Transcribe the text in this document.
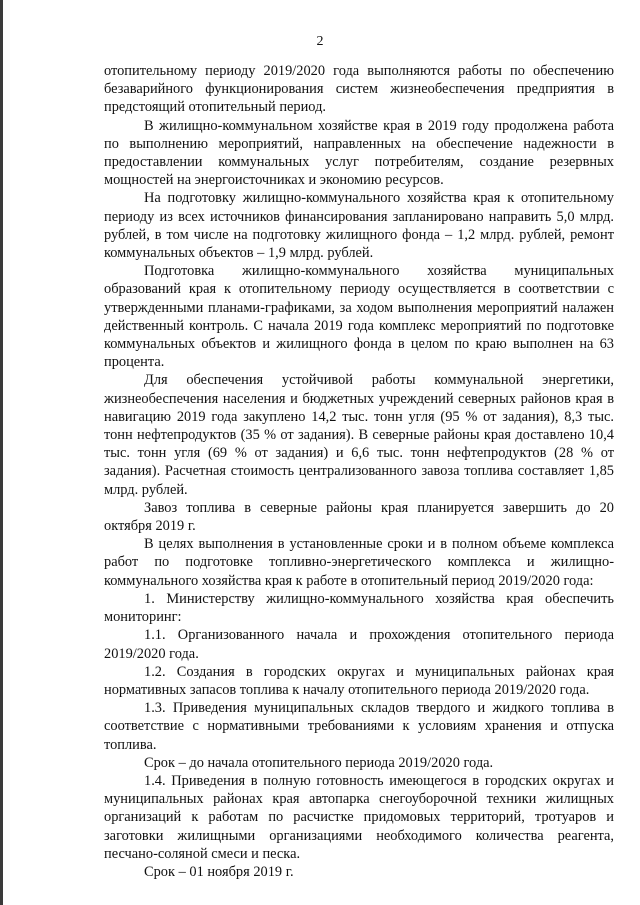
2

отопительному периоду 2019/2020 года выполняются работы по обеспечению безаварийного функционирования систем жизнеобеспечения предприятия в предстоящий отопительный период.

В жилищно-коммунальном хозяйстве края в 2019 году продолжена работа по выполнению мероприятий, направленных на обеспечение надежности в предоставлении коммунальных услуг потребителям, создание резервных мощностей на энергоисточниках и экономию ресурсов.

На подготовку жилищно-коммунального хозяйства края к отопительному периоду из всех источников финансирования запланировано направить 5,0 млрд. рублей, в том числе на подготовку жилищного фонда – 1,2 млрд. рублей, ремонт коммунальных объектов – 1,9 млрд. рублей.

Подготовка жилищно-коммунального хозяйства муниципальных образований края к отопительному периоду осуществляется в соответствии с утвержденными планами-графиками, за ходом выполнения мероприятий налажен действенный контроль. С начала 2019 года комплекс мероприятий по подготовке коммунальных объектов и жилищного фонда в целом по краю выполнен на 63 процента.

Для обеспечения устойчивой работы коммунальной энергетики, жизнеобеспечения населения и бюджетных учреждений северных районов края в навигацию 2019 года закуплено 14,2 тыс. тонн угля (95 % от задания), 8,3 тыс. тонн нефтепродуктов (35 % от задания). В северные районы края доставлено 10,4 тыс. тонн угля (69 % от задания) и 6,6 тыс. тонн нефтепродуктов (28 % от задания). Расчетная стоимость централизованного завоза топлива составляет 1,85 млрд. рублей.

Завоз топлива в северные районы края планируется завершить до 20 октября 2019 г.

В целях выполнения в установленные сроки и в полном объеме комплекса работ по подготовке топливно-энергетического комплекса и жилищно-коммунального хозяйства края к работе в отопительный период 2019/2020 года:

1. Министерству жилищно-коммунального хозяйства края обеспечить мониторинг:

1.1. Организованного начала и прохождения отопительного периода 2019/2020 года.

1.2. Создания в городских округах и муниципальных районах края нормативных запасов топлива к началу отопительного периода 2019/2020 года.

1.3. Приведения муниципальных складов твердого и жидкого топлива в соответствие с нормативными требованиями к условиям хранения и отпуска топлива.

Срок – до начала отопительного периода 2019/2020 года.

1.4. Приведения в полную готовность имеющегося в городских округах и муниципальных районах края автопарка снегоуборочной техники жилищных организаций к работам по расчистке придомовых территорий, тротуаров и заготовки жилищными организациями необходимого количества реагента, песчано-соляной смеси и песка.

Срок – 01 ноября 2019 г.
